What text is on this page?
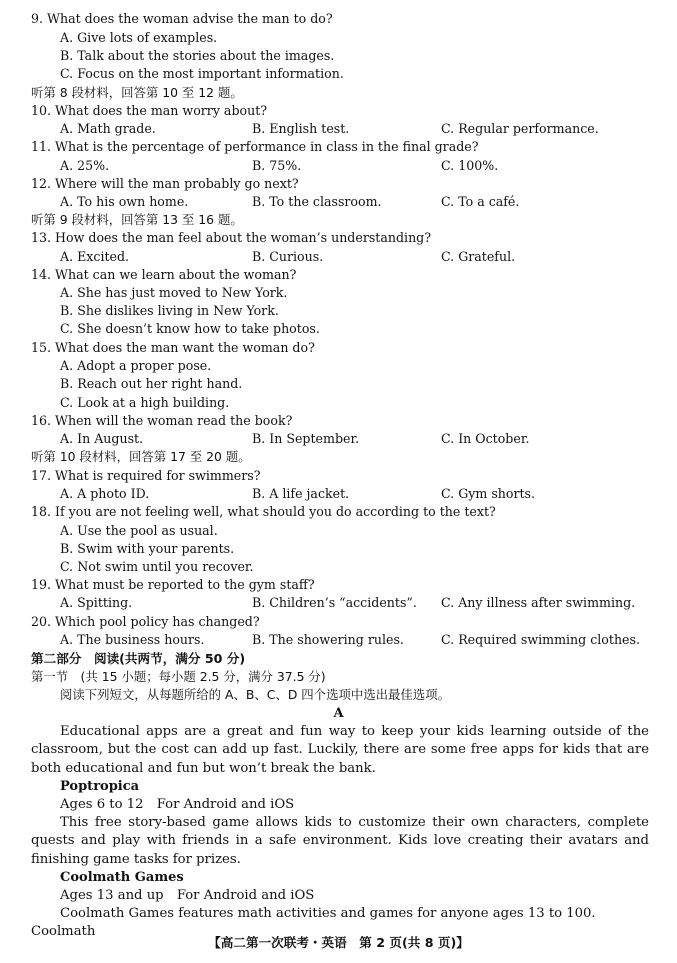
9. What does the woman advise the man to do?
A. Give lots of examples.
B. Talk about the stories about the images.
C. Focus on the most important information.
听第 8 段材料，回答第 10 至 12 题。
10. What does the man worry about?
A. Math grade.	B. English test.	C. Regular performance.
11. What is the percentage of performance in class in the final grade?
A. 25%.	B. 75%.	C. 100%.
12. Where will the man probably go next?
A. To his own home.	B. To the classroom.	C. To a café.
听第 9 段材料，回答第 13 至 16 题。
13. How does the man feel about the woman’s understanding?
A. Excited.	B. Curious.	C. Grateful.
14. What can we learn about the woman?
A. She has just moved to New York.
B. She dislikes living in New York.
C. She doesn’t know how to take photos.
15. What does the man want the woman do?
A. Adopt a proper pose.
B. Reach out her right hand.
C. Look at a high building.
16. When will the woman read the book?
A. In August.	B. In September.	C. In October.
听第 10 段材料，回答第 17 至 20 题。
17. What is required for swimmers?
A. A photo ID.	B. A life jacket.	C. Gym shorts.
18. If you are not feeling well, what should you do according to the text?
A. Use the pool as usual.
B. Swim with your parents.
C. Not swim until you recover.
19. What must be reported to the gym staff?
A. Spitting.	B. Children’s “accidents”. C. Any illness after swimming.
20. Which pool policy has changed?
A. The business hours.	B. The showering rules.	C. Required swimming clothes.
第二部分　阅读(共两节，满分 50 分)
第一节　(共 15 小题；每小题 2.5 分，满分 37.5 分)
阅读下列短文，从每题所给的 A、B、C、D 四个选项中选出最佳选项。
A

Educational apps are a great and fun way to keep your kids learning outside of the classroom, but the cost can add up fast. Luckily, there are some free apps for kids that are both educational and fun but won’t break the bank.

Poptropica
Ages 6 to 12　For Android and iOS

This free story-based game allows kids to customize their own characters, complete quests and play with friends in a safe environment. Kids love creating their avatars and finishing game tasks for prizes.

Coolmath Games
Ages 13 and up　For Android and iOS

Coolmath Games features math activities and games for anyone ages 13 to 100. Coolmath

【高二第一次联考・英语　第 2 页(共 8 页)】
